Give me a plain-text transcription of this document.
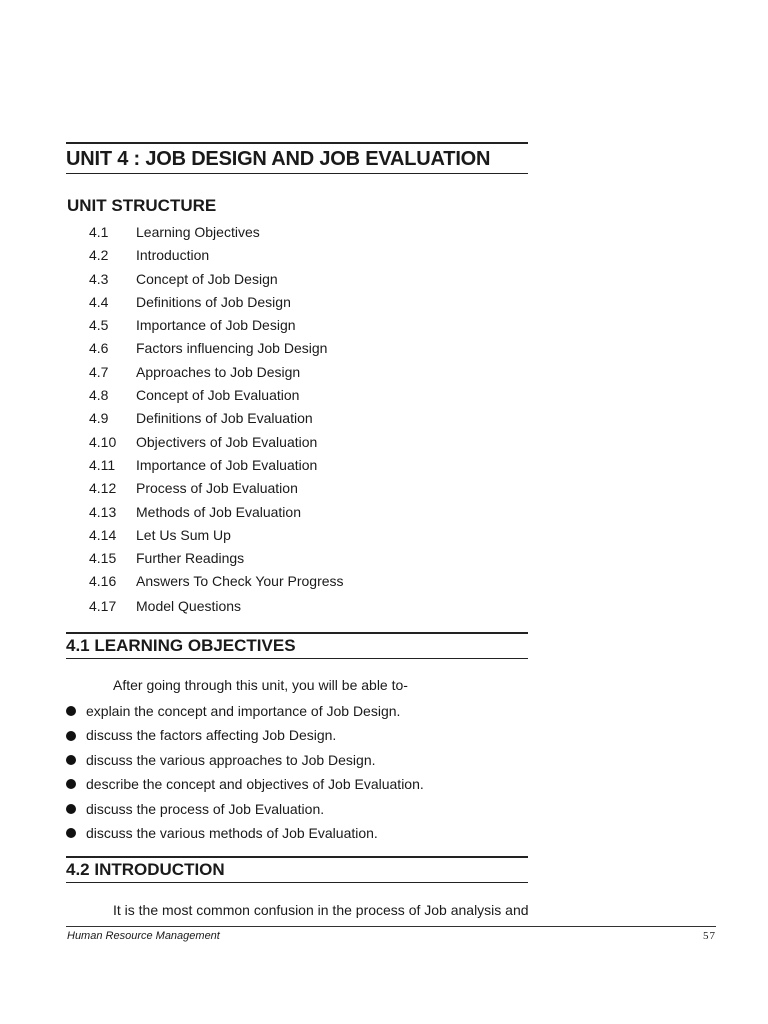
UNIT 4 : JOB DESIGN AND JOB EVALUATION
UNIT STRUCTURE
4.1 Learning Objectives
4.2 Introduction
4.3 Concept of Job Design
4.4 Definitions of Job Design
4.5 Importance of Job Design
4.6 Factors influencing Job Design
4.7 Approaches to Job Design
4.8 Concept of Job Evaluation
4.9 Definitions of Job Evaluation
4.10 Objectivers of Job Evaluation
4.11 Importance of Job Evaluation
4.12 Process of Job Evaluation
4.13 Methods of Job Evaluation
4.14 Let Us Sum Up
4.15 Further Readings
4.16 Answers To Check Your Progress
4.17 Model Questions
4.1 LEARNING OBJECTIVES

After going through this unit, you will be able to-

explain the concept and importance of Job Design.
discuss the factors affecting Job Design.
discuss the various approaches to Job Design.
describe the concept and objectives of Job Evaluation.
discuss the process of Job Evaluation.
discuss the various methods of Job Evaluation.
4.2 INTRODUCTION

It is the most common confusion in the process of Job analysis and

Human Resource Management	57
